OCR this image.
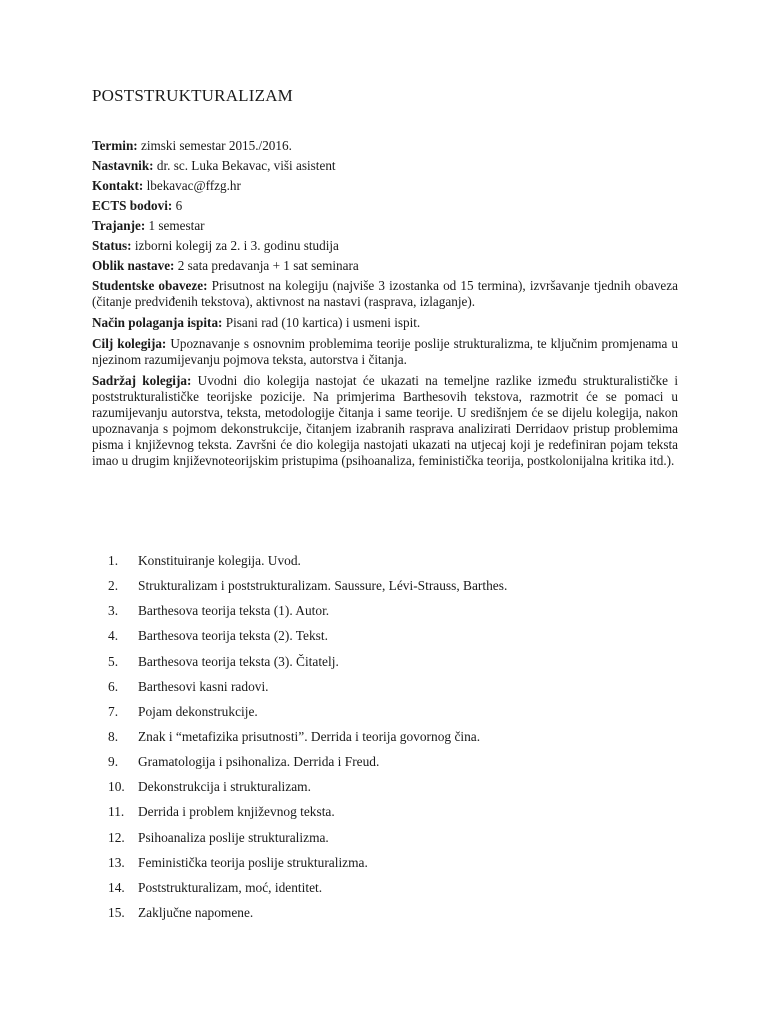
POSTSTRUKTURALIZAM

Termin: zimski semestar 2015./2016.

Nastavnik: dr. sc. Luka Bekavac, viši asistent

Kontakt: lbekavac@ffzg.hr

ECTS bodovi: 6

Trajanje: 1 semestar

Status: izborni kolegij za 2. i 3. godinu studija

Oblik nastave: 2 sata predavanja + 1 sat seminara

Studentske obaveze: Prisutnost na kolegiju (najviše 3 izostanka od 15 termina), izvršavanje tjednih obaveza (čitanje predviđenih tekstova), aktivnost na nastavi (rasprava, izlaganje).

Način polaganja ispita: Pisani rad (10 kartica) i usmeni ispit.

Cilj kolegija: Upoznavanje s osnovnim problemima teorije poslije strukturalizma, te ključnim promjenama u njezinom razumijevanju pojmova teksta, autorstva i čitanja.

Sadržaj kolegija: Uvodni dio kolegija nastojat će ukazati na temeljne razlike između strukturalističke i poststrukturalističke teorijske pozicije. Na primjerima Barthesovih tekstova, razmotrit će se pomaci u razumijevanju autorstva, teksta, metodologije čitanja i same teorije. U središnjem će se dijelu kolegija, nakon upoznavanja s pojmom dekonstrukcije, čitanjem izabranih rasprava analizirati Derridaov pristup problemima pisma i književnog teksta. Završni će dio kolegija nastojati ukazati na utjecaj koji je redefiniran pojam teksta imao u drugim književnoteorijskim pristupima (psihoanaliza, feministička teorija, postkolonijalna kritika itd.).

1.	Konstituiranje kolegija. Uvod.
2.	Strukturalizam i poststrukturalizam. Saussure, Lévi-Strauss, Barthes.
3.	Barthesova teorija teksta (1). Autor.
4.	Barthesova teorija teksta (2). Tekst.
5.	Barthesova teorija teksta (3). Čitatelj.
6.	Barthesovi kasni radovi.
7.	Pojam dekonstrukcije.
8.	Znak i “metafizika prisutnosti”. Derrida i teorija govornog čina.
9.	Gramatologija i psihonaliza. Derrida i Freud.
10. Dekonstrukcija i strukturalizam.
11.	Derrida i problem književnog teksta.
12. Psihoanaliza poslije strukturalizma.
13. Feministička teorija poslije strukturalizma.
14. Poststrukturalizam, moć, identitet.
15. Zaključne napomene.
